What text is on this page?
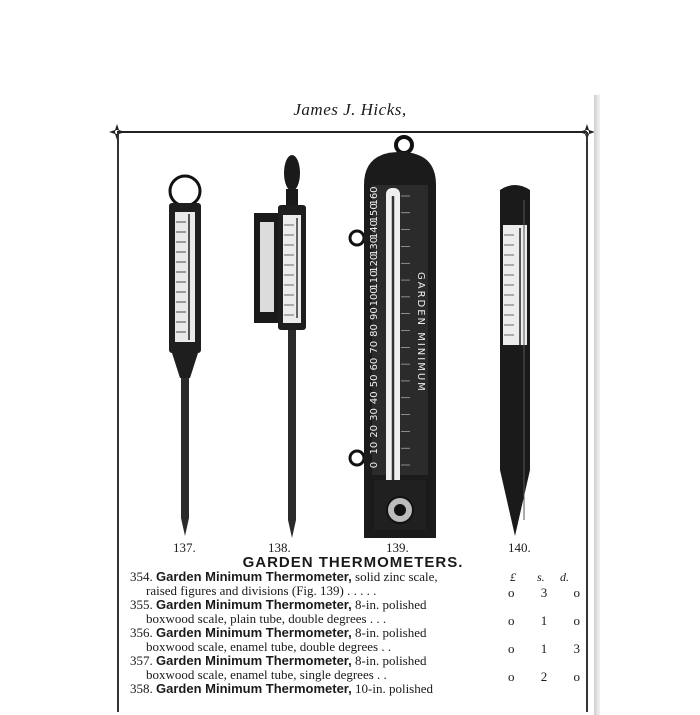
James J. Hicks,
0
10
20
30
40
50
60
70
80
90
100
110
120
130
140
150
160
GARDEN MINIMUM
137.	138.	139.	140.
GARDEN THERMOMETERS.
£ s. d.
354. Garden Minimum Thermometer, solid zinc scale,
raised figures and divisions (Fig. 139) . . . . .	o 3 o
355. Garden Minimum Thermometer, 8-in. polished
boxwood scale, plain tube, double degrees . . .	o 1 o
356. Garden Minimum Thermometer, 8-in. polished
boxwood scale, enamel tube, double degrees . .	o 1 3
357. Garden Minimum Thermometer, 8-in. polished
boxwood scale, enamel tube, single degrees . .	o 2 o
358. Garden Minimum Thermometer, 10-in. polished
